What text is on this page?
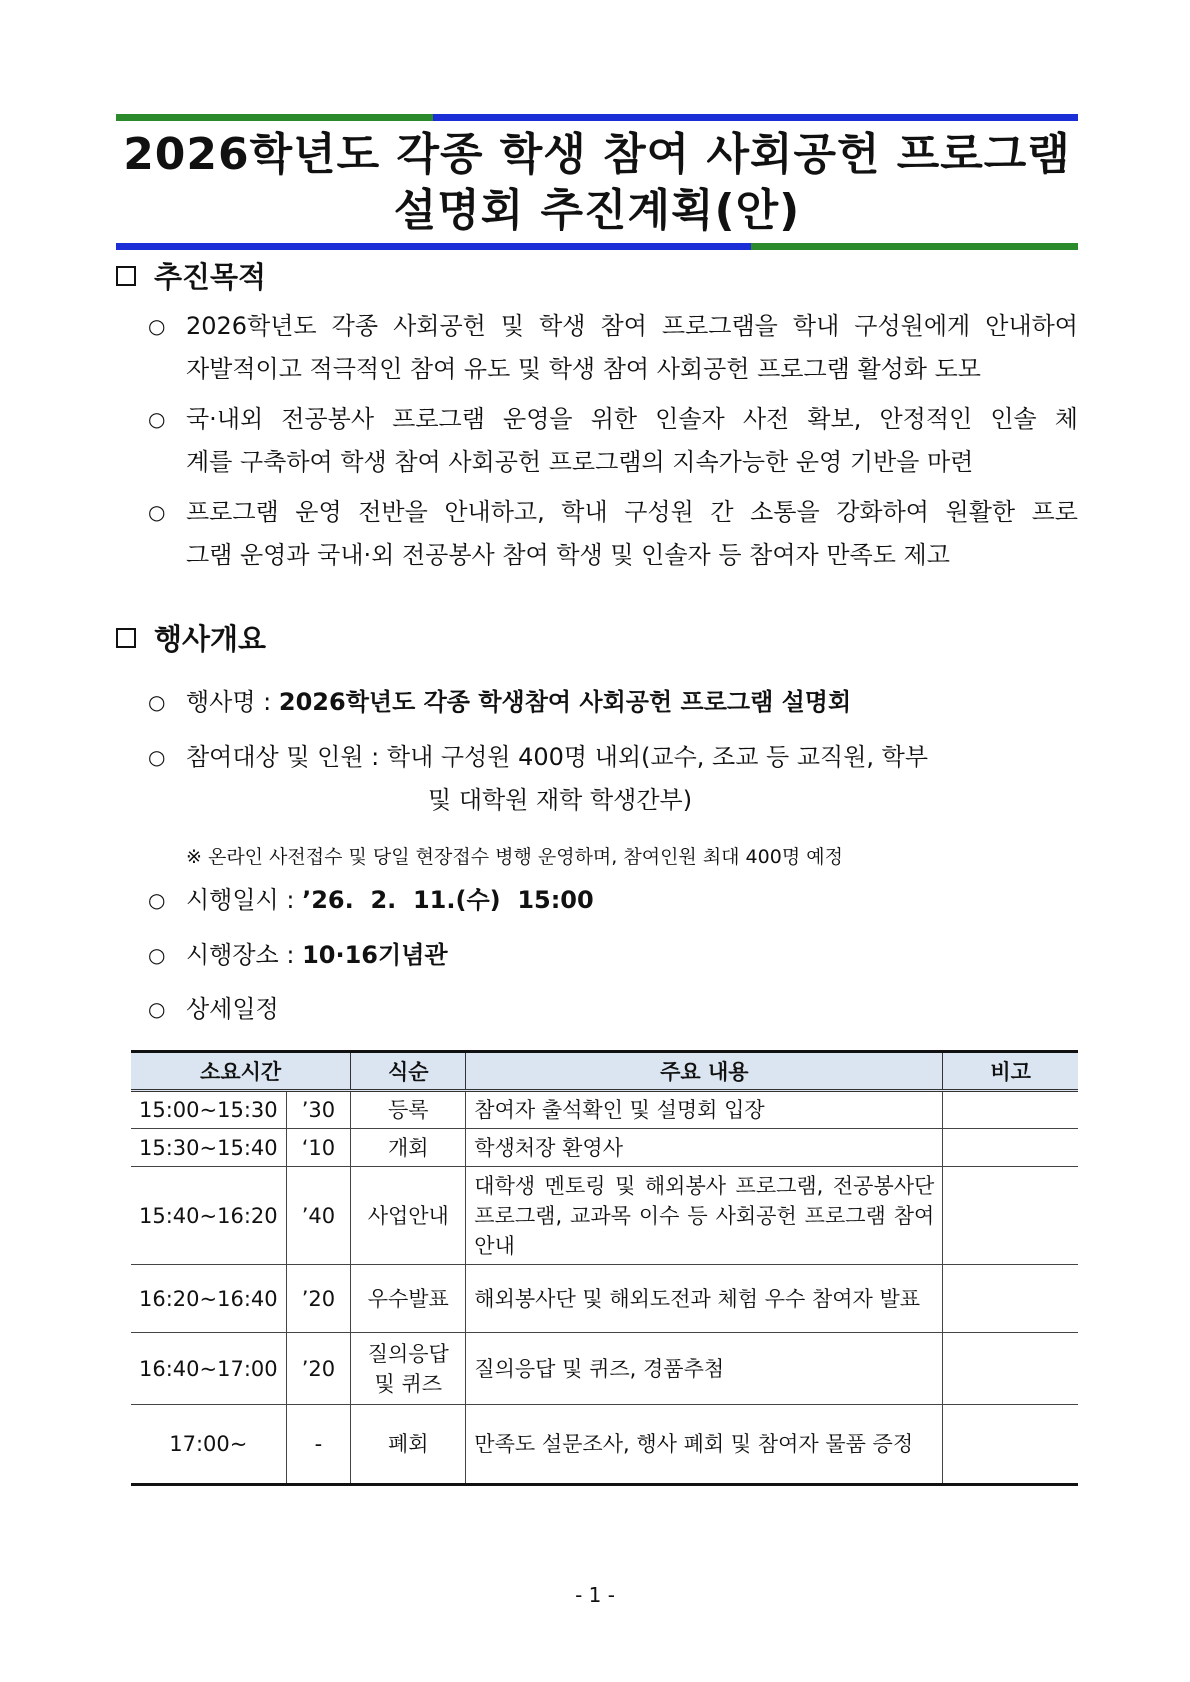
2026학년도 각종 학생 참여 사회공헌 프로그램
설명회 추진계획(안)
추진목적
○ 2026학년도 각종 사회공헌 및 학생 참여 프로그램을 학내 구성원에게 안내하여
자발적이고 적극적인 참여 유도 및 학생 참여 사회공헌 프로그램 활성화 도모
○ 국·내외 전공봉사 프로그램 운영을 위한 인솔자 사전 확보, 안정적인 인솔 체
계를 구축하여 학생 참여 사회공헌 프로그램의 지속가능한 운영 기반을 마련
○ 프로그램 운영 전반을 안내하고, 학내 구성원 간 소통을 강화하여 원활한 프로
그램 운영과 국내·외 전공봉사 참여 학생 및 인솔자 등 참여자 만족도 제고
행사개요
○ 행사명 : 2026학년도 각종 학생참여 사회공헌 프로그램 설명회
○ 참여대상 및 인원 : 학내 구성원 400명 내외(교수, 조교 등 교직원, 학부
및 대학원 재학 학생간부)
※ 온라인 사전접수 및 당일 현장접수 병행 운영하며, 참여인원 최대 400명 예정
○ 시행일시 : ’26.  2.  11.(수)  15:00
○ 시행장소 : 10·16기념관
○ 상세일정
소요시간		식순	주요 내용	비고
15:00~15:30	’30	등록	참여자 출석확인 및 설명회 입장	
15:30~15:40	‘10	개회	학생처장 환영사	
15:40~16:20	’40	사업안내	대학생 멘토링 및 해외봉사 프로그램, 전공봉사단 프로그램, 교과목 이수 등 사회공헌 프로그램 참여 안내	
16:20~16:40	’20	우수발표	해외봉사단 및 해외도전과 체험 우수 참여자 발표	
16:40~17:00	’20	질의응답 및 퀴즈	질의응답 및 퀴즈, 경품추첨	
17:00~	-	폐회	만족도 설문조사, 행사 폐회 및 참여자 물품 증정	
- 1 -
